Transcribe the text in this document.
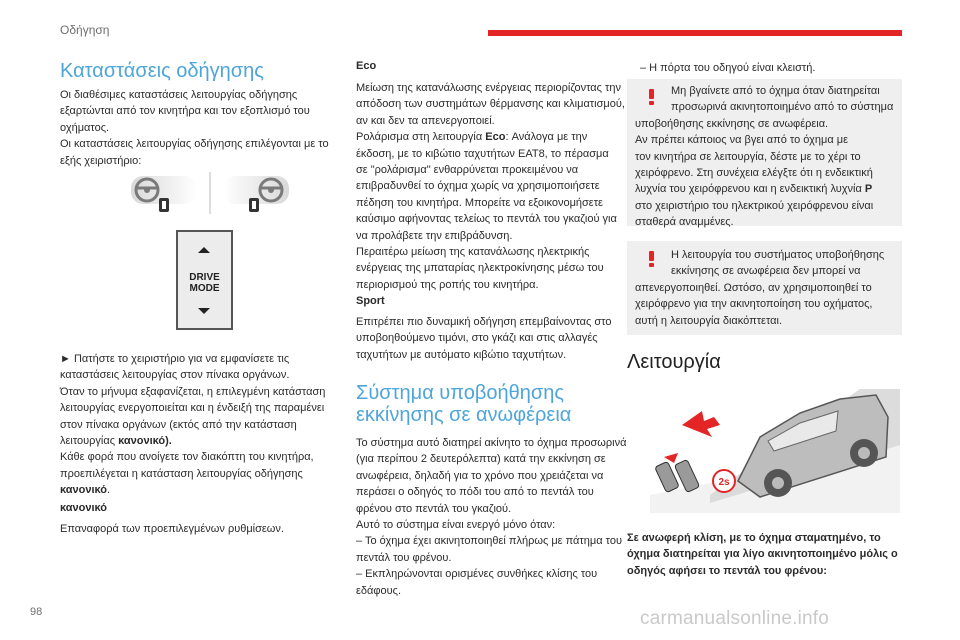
Οδήγηση
Καταστάσεις οδήγησης
Οι διαθέσιμες καταστάσεις λειτουργίας οδήγησης
εξαρτώνται από τον κινητήρα και τον εξοπλισμό του
οχήματος.
Οι καταστάσεις λειτουργίας οδήγησης επιλέγονται με το
εξής χειριστήριο:
DRIVE
MODE
► Πατήστε το χειριστήριο για να εμφανίσετε τις
καταστάσεις λειτουργίας στον πίνακα οργάνων.
Όταν το μήνυμα εξαφανίζεται, η επιλεγμένη κατάσταση
λειτουργίας ενεργοποιείται και η ένδειξή της παραμένει
στον πίνακα οργάνων (εκτός από την κατάσταση
λειτουργίας κανονικό).
Κάθε φορά που ανοίγετε τον διακόπτη του κινητήρα,
προεπιλέγεται η κατάσταση λειτουργίας οδήγησης
κανονικό.
κανονικό
Επαναφορά των προεπιλεγμένων ρυθμίσεων.
Eco
Μείωση της κατανάλωσης ενέργειας περιορίζοντας την
απόδοση των συστημάτων θέρμανσης και κλιματισμού,
αν και δεν τα απενεργοποιεί.
Ρολάρισμα στη λειτουργία Eco: Ανάλογα με την
έκδοση, με το κιβώτιο ταχυτήτων EAT8, το πέρασμα
σε "ρολάρισμα" ενθαρρύνεται προκειμένου να
επιβραδυνθεί το όχημα χωρίς να χρησιμοποιήσετε
πέδηση του κινητήρα. Μπορείτε να εξοικονομήσετε
καύσιμο αφήνοντας τελείως το πεντάλ του γκαζιού για
να προλάβετε την επιβράδυνση.
Περαιτέρω μείωση της κατανάλωσης ηλεκτρικής
ενέργειας της μπαταρίας ηλεκτροκίνησης μέσω του
περιορισμού της ροπής του κινητήρα.
Sport
Επιτρέπει πιο δυναμική οδήγηση επεμβαίνοντας στο
υποβοηθούμενο τιμόνι, στο γκάζι και στις αλλαγές
ταχυτήτων με αυτόματο κιβώτιο ταχυτήτων.
Σύστημα υποβοήθησης
εκκίνησης σε ανωφέρεια
Το σύστημα αυτό διατηρεί ακίνητο το όχημα προσωρινά
(για περίπου 2 δευτερόλεπτα) κατά την εκκίνηση σε
ανωφέρεια, δηλαδή για το χρόνο που χρειάζεται να
περάσει ο οδηγός το πόδι του από το πεντάλ του
φρένου στο πεντάλ του γκαζιού.
Αυτό το σύστημα είναι ενεργό μόνο όταν:
– Το όχημα έχει ακινητοποιηθεί πλήρως με πάτημα του
πεντάλ του φρένου.
– Εκπληρώνονται ορισμένες συνθήκες κλίσης του
εδάφους.
– Η πόρτα του οδηγού είναι κλειστή.
Μη βγαίνετε από το όχημα όταν διατηρείται
προσωρινά ακινητοποιημένο από το σύστημα
υποβοήθησης εκκίνησης σε ανωφέρεια.
Αν πρέπει κάποιος να βγει από το όχημα με
τον κινητήρα σε λειτουργία, δέστε με το χέρι το
χειρόφρενο. Στη συνέχεια ελέγξτε ότι η ενδεικτική
λυχνία του χειρόφρενου και η ενδεικτική λυχνία P
στο χειριστήριο του ηλεκτρικού χειρόφρενου είναι
σταθερά αναμμένες.
Η λειτουργία του συστήματος υποβοήθησης
εκκίνησης σε ανωφέρεια δεν μπορεί να
απενεργοποιηθεί. Ωστόσο, αν χρησιμοποιηθεί το
χειρόφρενο για την ακινητοποίηση του οχήματος,
αυτή η λειτουργία διακόπτεται.
Λειτουργία
2s
Σε ανωφερή κλίση, με το όχημα σταματημένο, το
όχημα διατηρείται για λίγο ακινητοποιημένο μόλις ο
οδηγός αφήσει το πεντάλ του φρένου:
98	carmanualsonline.info
